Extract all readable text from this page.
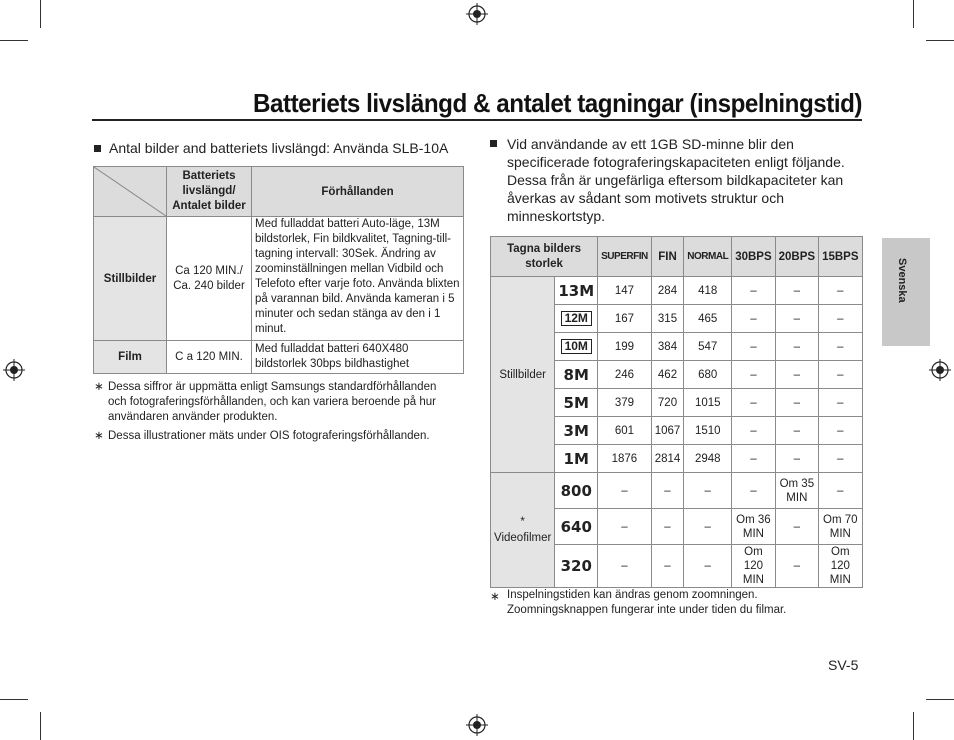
Batteriets livslängd & antalet tagningar (inspelningstid)
Antal bilder and batteriets livslängd: Använda SLB-10A
	Batteriets livslängd/ Antalet bilder	Förhållanden
Stillbilder	Ca 120 MIN./ Ca. 240 bilder	Med fulladdat batteri Auto-läge, 13M bildstorlek, Fin bildkvalitet, Tagning-till-tagning intervall: 30Sek. Ändring av zoominställningen mellan Vidbild och Telefoto efter varje foto. Använda blixten på varannan bild. Använda kameran i 5 minuter och sedan stänga av den i 1 minut.
Film	C a 120 MIN.	Med fulladdat batteri 640X480 bildstorlek 30bps bildhastighet
∗ Dessa siffror är uppmätta enligt Samsungs standardförhållanden och fotograferingsförhållanden, och kan variera beroende på hur användaren använder produkten.
∗ Dessa illustrationer mäts under OIS fotograferingsförhållanden.
Vid användande av ett 1GB SD-minne blir den specificerade fotograferingskapaciteten enligt följande. Dessa från är ungefärliga eftersom bildkapaciteter kan åverkas av sådant som motivets struktur och minneskortstyp.
Tagna bilders storlek		SUPERFIN	FIN	NORMAL	30BPS	20BPS	15BPS
Stillbilder	13M	147	284	418	–	–	–
	12M	167	315	465	–	–	–
	10M	199	384	547	–	–	–
	8M	246	462	680	–	–	–
	5M	379	720	1015	–	–	–
	3M	601	1067	1510	–	–	–
	1M	1876	2814	2948	–	–	–

*
Videofilmer	800	–	–	–	–	Om 35 MIN	–
	640	–	–	–	Om 36 MIN	–	Om 70 MIN
	320	–	–	–	Om 120 MIN	–	Om 120 MIN
∗ Inspelningstiden kan ändras genom zoomningen.
Zoomningsknappen fungerar inte under tiden du filmar.
Svenska
SV-5
